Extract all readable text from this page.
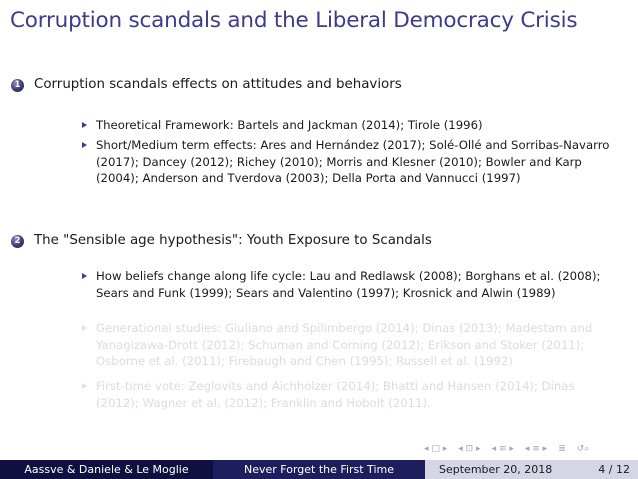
Corruption scandals and the Liberal Democracy Crisis
1 Corruption scandals effects on attitudes and behaviors
Theoretical Framework: Bartels and Jackman (2014); Tirole (1996)
Short/Medium term effects: Ares and Hernández (2017); Solé-Ollé and Sorribas-Navarro (2017); Dancey (2012); Richey (2010); Morris and Klesner (2010); Bowler and Karp (2004); Anderson and Tverdova (2003); Della Porta and Vannucci (1997)
2 The "Sensible age hypothesis": Youth Exposure to Scandals
How beliefs change along life cycle: Lau and Redlawsk (2008); Borghans et al. (2008); Sears and Funk (1999); Sears and Valentino (1997); Krosnick and Alwin (1989)
Generational studies: Giuliano and Spilimbergo (2014); Dinas (2013); Madestam and Yanagizawa-Drott (2012); Schuman and Corning (2012); Erikson and Stoker (2011); Osborne et al. (2011); Firebaugh and Chen (1995); Russell et al. (1992)
First-time vote: Zeglovits and Aichholzer (2014); Bhatti and Hansen (2014); Dinas (2012); Wagner et al. (2012); Franklin and Hobolt (2011).
◂ □ ▸ ◂ ⊡ ▸ ◂ ≡ ▸ ◂ ≡ ▸ ≣ ↺⌕
Aassve & Daniele & Le Moglie	Never Forget the First Time	September 20, 2018	4 / 12
